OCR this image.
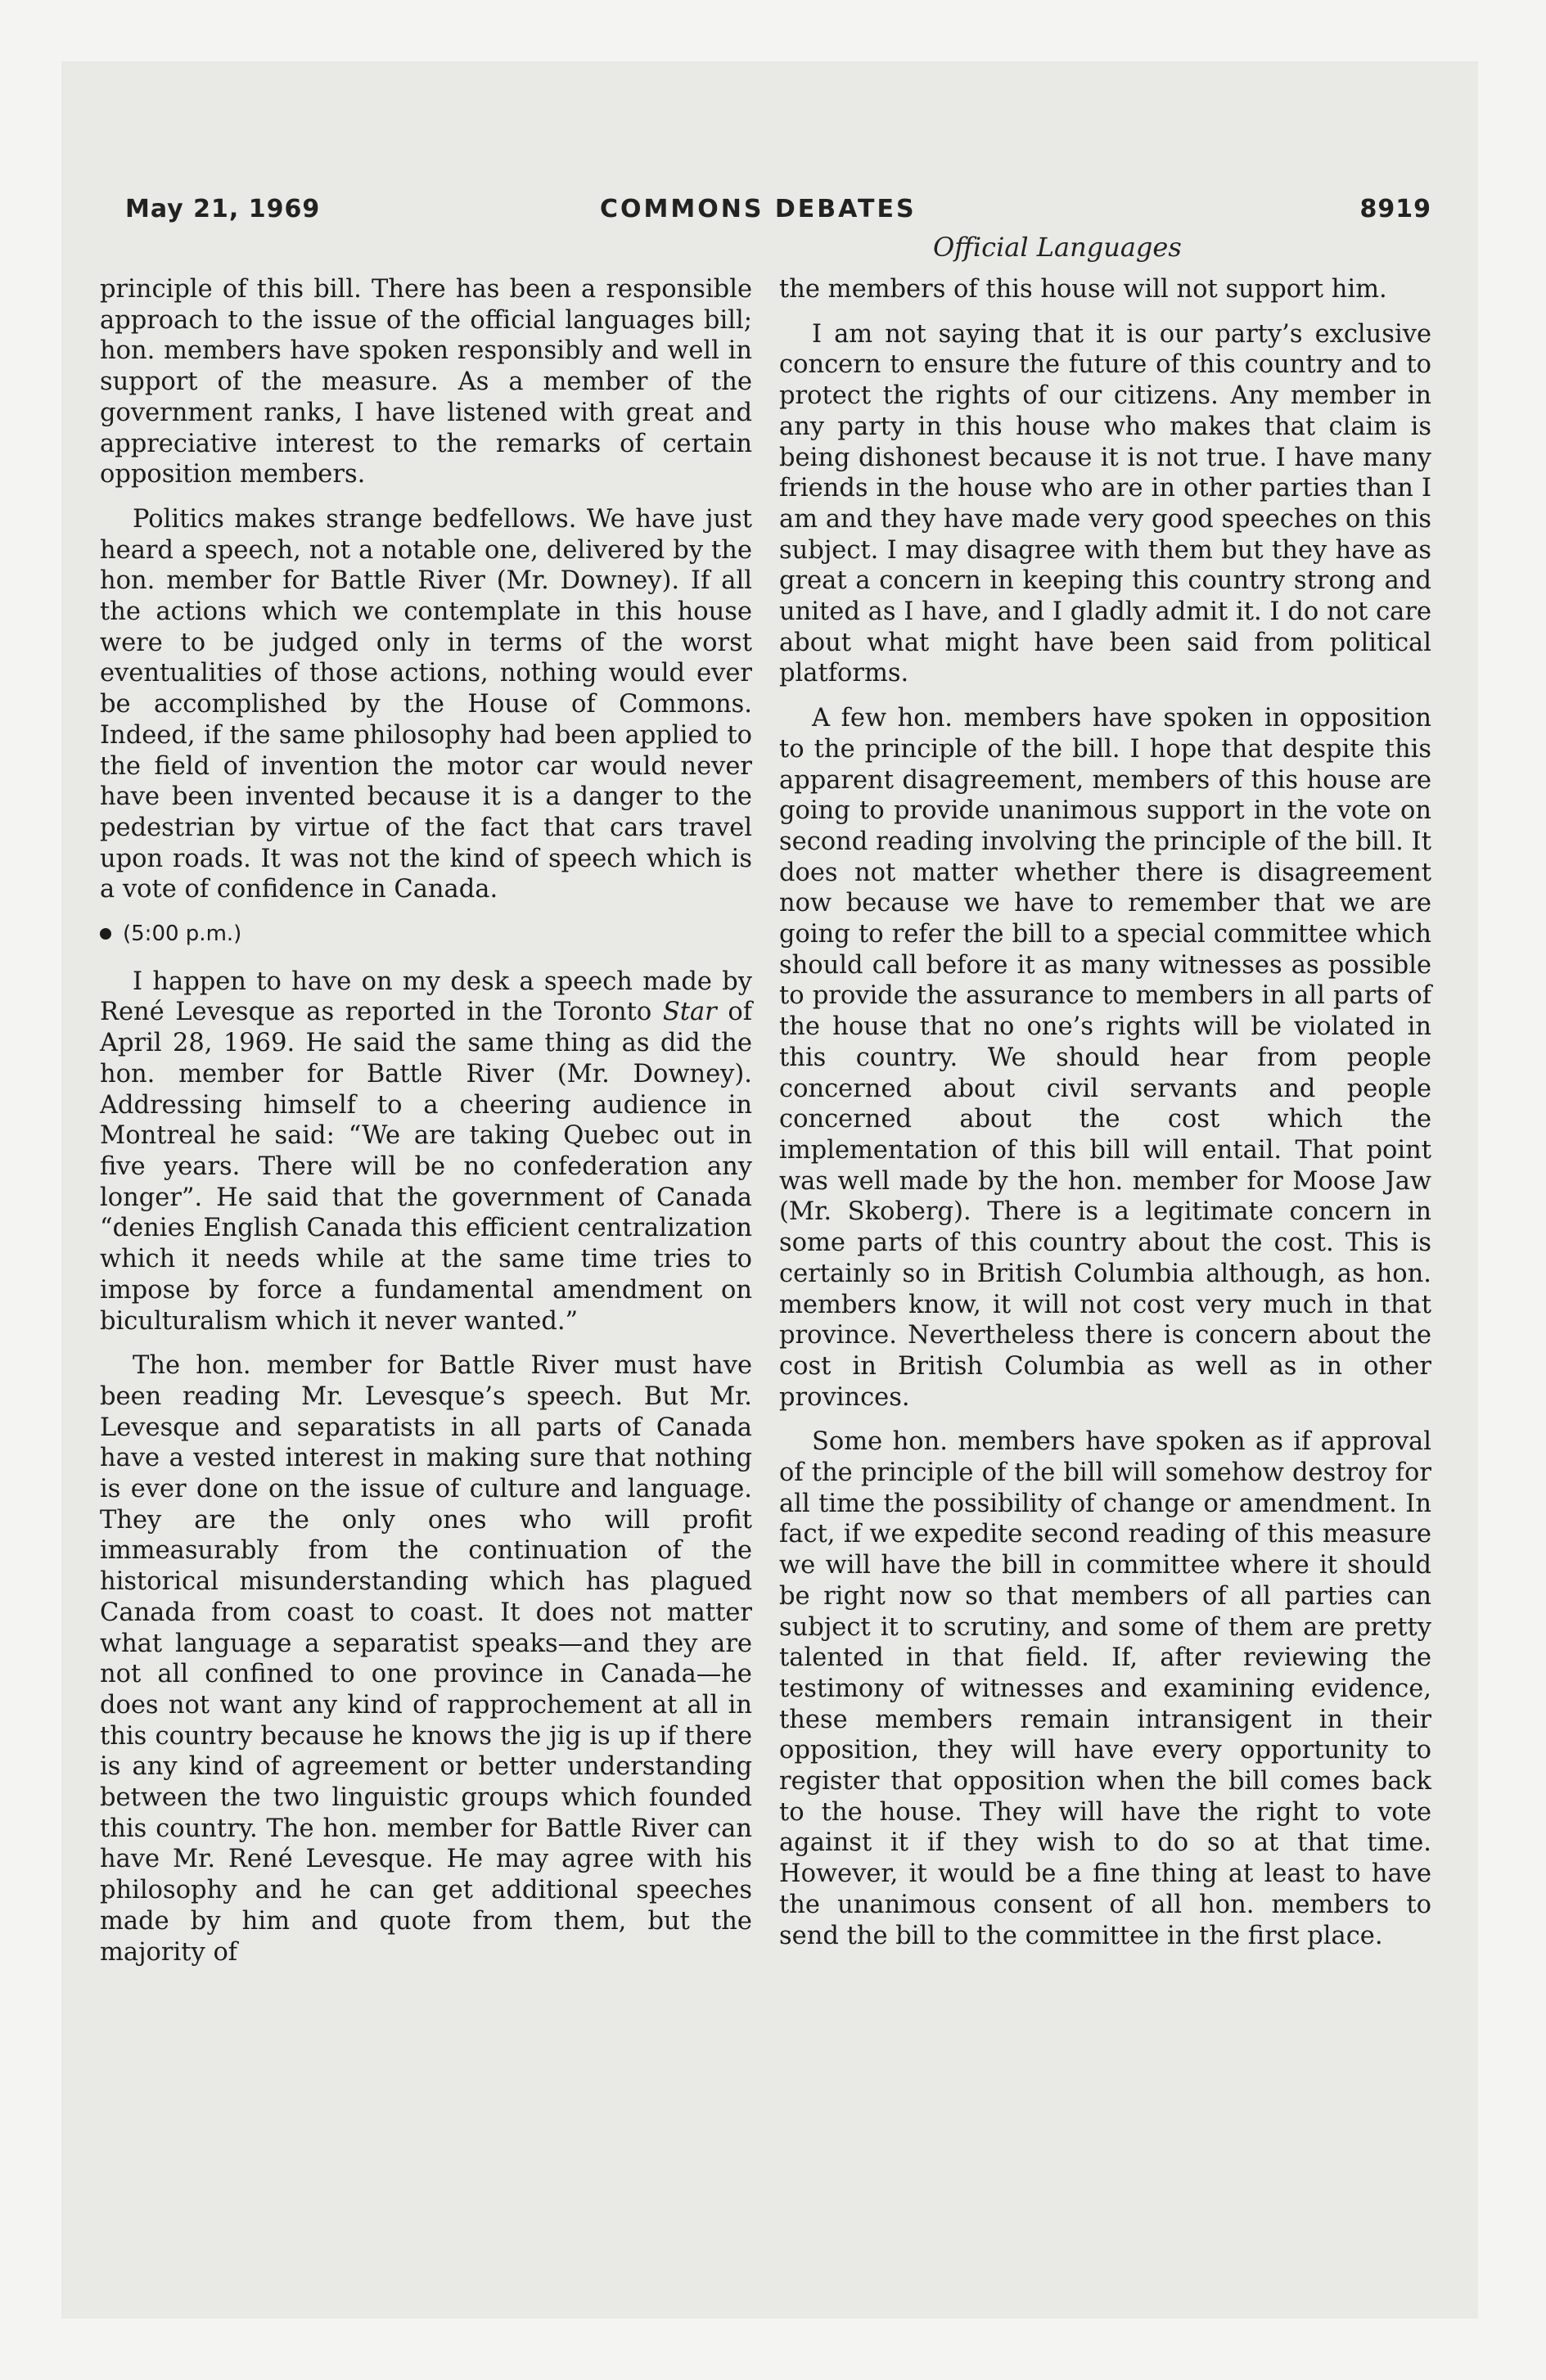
May 21, 1969	COMMONS DEBATES	8919
Official Languages

principle of this bill. There has been a responsible approach to the issue of the official languages bill; hon. members have spoken responsibly and well in support of the measure. As a member of the government ranks, I have listened with great and appreciative interest to the remarks of certain opposition members.

Politics makes strange bedfellows. We have just heard a speech, not a notable one, delivered by the hon. member for Battle River (Mr. Downey). If all the actions which we contemplate in this house were to be judged only in terms of the worst eventualities of those actions, nothing would ever be accomplished by the House of Commons. Indeed, if the same philosophy had been applied to the field of invention the motor car would never have been invented because it is a danger to the pedestrian by virtue of the fact that cars travel upon roads. It was not the kind of speech which is a vote of confidence in Canada.

(5:00 p.m.)

I happen to have on my desk a speech made by René Levesque as reported in the Toronto Star of April 28, 1969. He said the same thing as did the hon. member for Battle River (Mr. Downey). Addressing himself to a cheering audience in Montreal he said: “We are taking Quebec out in five years. There will be no confederation any longer”. He said that the government of Canada “denies English Canada this efficient centralization which it needs while at the same time tries to impose by force a fundamental amendment on biculturalism which it never wanted.”

The hon. member for Battle River must have been reading Mr. Levesque’s speech. But Mr. Levesque and separatists in all parts of Canada have a vested interest in making sure that nothing is ever done on the issue of culture and language. They are the only ones who will profit immeasurably from the continuation of the historical misunderstanding which has plagued Canada from coast to coast. It does not matter what language a separatist speaks—and they are not all confined to one province in Canada—he does not want any kind of rapprochement at all in this country because he knows the jig is up if there is any kind of agreement or better understanding between the two linguistic groups which founded this country. The hon. member for Battle River can have Mr. René Levesque. He may agree with his philosophy and he can get additional speeches made by him and quote from them, but the majority of

the members of this house will not support him.

I am not saying that it is our party’s exclusive concern to ensure the future of this country and to protect the rights of our citizens. Any member in any party in this house who makes that claim is being dishonest because it is not true. I have many friends in the house who are in other parties than I am and they have made very good speeches on this subject. I may disagree with them but they have as great a concern in keeping this country strong and united as I have, and I gladly admit it. I do not care about what might have been said from political platforms.

A few hon. members have spoken in opposition to the principle of the bill. I hope that despite this apparent disagreement, members of this house are going to provide unanimous support in the vote on second reading involving the principle of the bill. It does not matter whether there is disagreement now because we have to remember that we are going to refer the bill to a special committee which should call before it as many witnesses as possible to provide the assurance to members in all parts of the house that no one’s rights will be violated in this country. We should hear from people concerned about civil servants and people concerned about the cost which the implementation of this bill will entail. That point was well made by the hon. member for Moose Jaw (Mr. Skoberg). There is a legitimate concern in some parts of this country about the cost. This is certainly so in British Columbia although, as hon. members know, it will not cost very much in that province. Nevertheless there is concern about the cost in British Columbia as well as in other provinces.

Some hon. members have spoken as if approval of the principle of the bill will somehow destroy for all time the possibility of change or amendment. In fact, if we expedite second reading of this measure we will have the bill in committee where it should be right now so that members of all parties can subject it to scrutiny, and some of them are pretty talented in that field. If, after reviewing the testimony of witnesses and examining evidence, these members remain intransigent in their opposition, they will have every opportunity to register that opposition when the bill comes back to the house. They will have the right to vote against it if they wish to do so at that time. However, it would be a fine thing at least to have the unanimous consent of all hon. members to send the bill to the committee in the first place.
